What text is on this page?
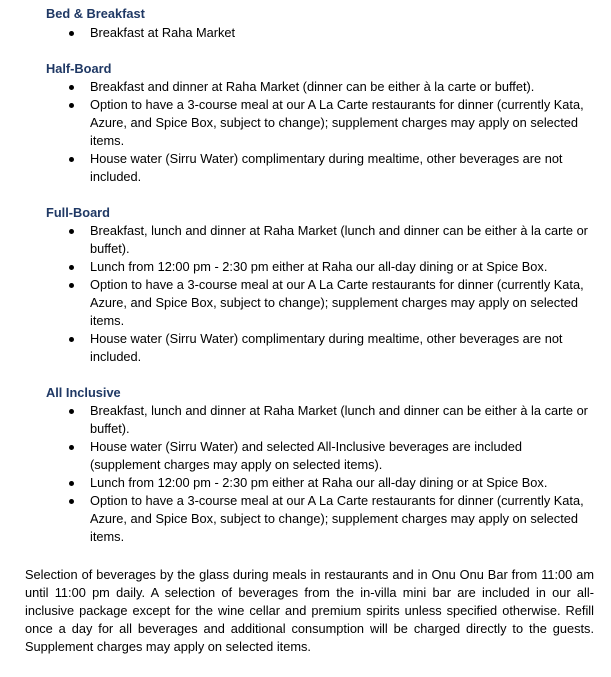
Bed & Breakfast
Breakfast at Raha Market
Half-Board
Breakfast and dinner at Raha Market (dinner can be either à la carte or buffet).
Option to have a 3-course meal at our A La Carte restaurants for dinner (currently Kata, Azure, and Spice Box, subject to change); supplement charges may apply on selected items.
House water (Sirru Water) complimentary during mealtime, other beverages are not included.
Full-Board
Breakfast, lunch and dinner at Raha Market (lunch and dinner can be either à la carte or buffet).
Lunch from 12:00 pm - 2:30 pm either at Raha our all-day dining or at Spice Box.
Option to have a 3-course meal at our A La Carte restaurants for dinner (currently Kata, Azure, and Spice Box, subject to change); supplement charges may apply on selected items.
House water (Sirru Water) complimentary during mealtime, other beverages are not included.
All Inclusive
Breakfast, lunch and dinner at Raha Market (lunch and dinner can be either à la carte or buffet).
House water (Sirru Water) and selected All-Inclusive beverages are included (supplement charges may apply on selected items).
Lunch from 12:00 pm - 2:30 pm either at Raha our all-day dining or at Spice Box.
Option to have a 3-course meal at our A La Carte restaurants for dinner (currently Kata, Azure, and Spice Box, subject to change); supplement charges may apply on selected items.

Selection of beverages by the glass during meals in restaurants and in Onu Onu Bar from 11:00 am until 11:00 pm daily. A selection of beverages from the in-villa mini bar are included in our all-inclusive package except for the wine cellar and premium spirits unless specified otherwise. Refill once a day for all beverages and additional consumption will be charged directly to the guests. Supplement charges may apply on selected items.
